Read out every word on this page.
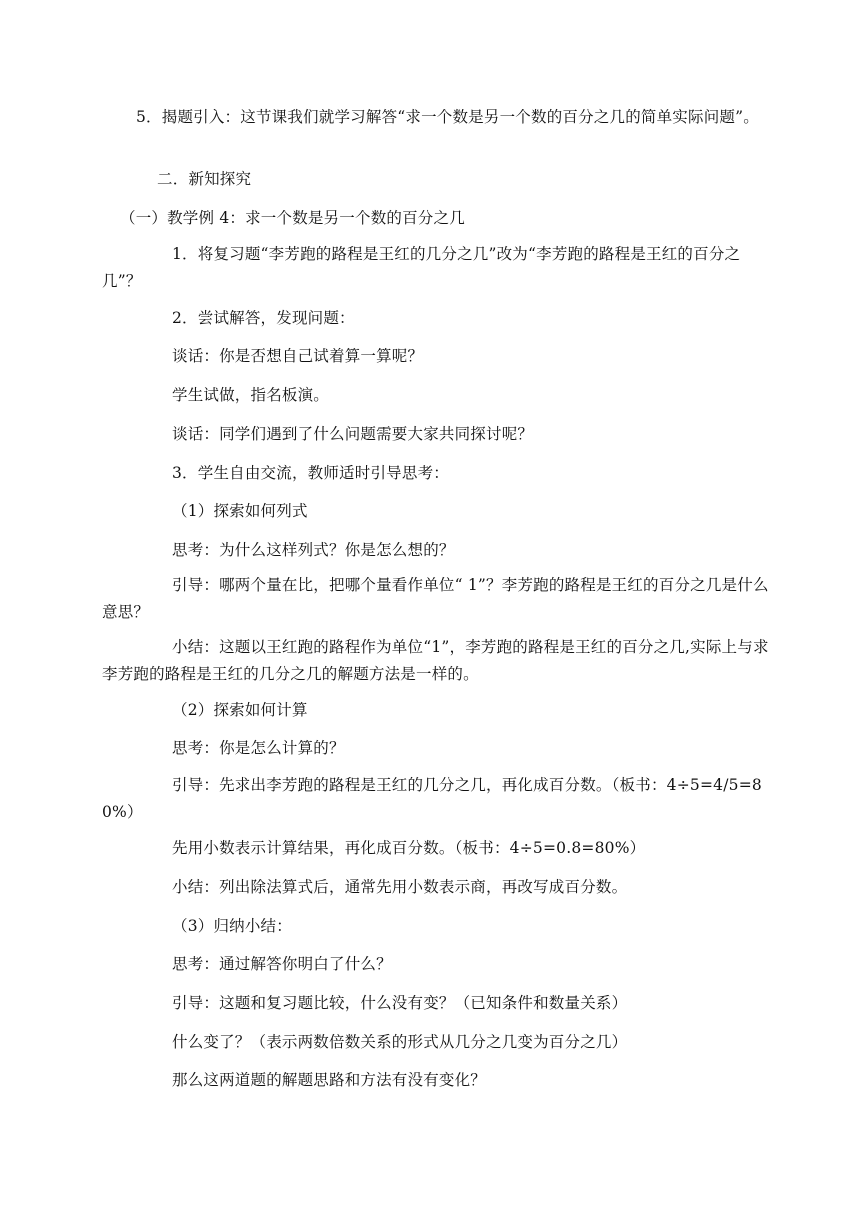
5．揭题引入：这节课我们就学习解答“求一个数是另一个数的百分之几的简单实际问题”。
二．新知探究
（一）教学例 4：求一个数是另一个数的百分之几
1．将复习题“李芳跑的路程是王红的几分之几”改为“李芳跑的路程是王红的百分之几”？
2．尝试解答，发现问题：
谈话：你是否想自己试着算一算呢？
学生试做，指名板演。
谈话：同学们遇到了什么问题需要大家共同探讨呢？
3．学生自由交流，教师适时引导思考：
（1）探索如何列式
思考：为什么这样列式？你是怎么想的？
引导：哪两个量在比，把哪个量看作单位“ 1”？李芳跑的路程是王红的百分之几是什么意思？
小结：这题以王红跑的路程作为单位“1”，李芳跑的路程是王红的百分之几,实际上与求李芳跑的路程是王红的几分之几的解题方法是一样的。
（2）探索如何计算
思考：你是怎么计算的？
引导：先求出李芳跑的路程是王红的几分之几，再化成百分数。（板书：4÷5=4/5=80%）
先用小数表示计算结果，再化成百分数。（板书：4÷5=0.8=80%）
小结：列出除法算式后，通常先用小数表示商，再改写成百分数。
（3）归纳小结：
思考：通过解答你明白了什么？
引导：这题和复习题比较，什么没有变？（已知条件和数量关系）
什么变了？（表示两数倍数关系的形式从几分之几变为百分之几）
那么这两道题的解题思路和方法有没有变化？
